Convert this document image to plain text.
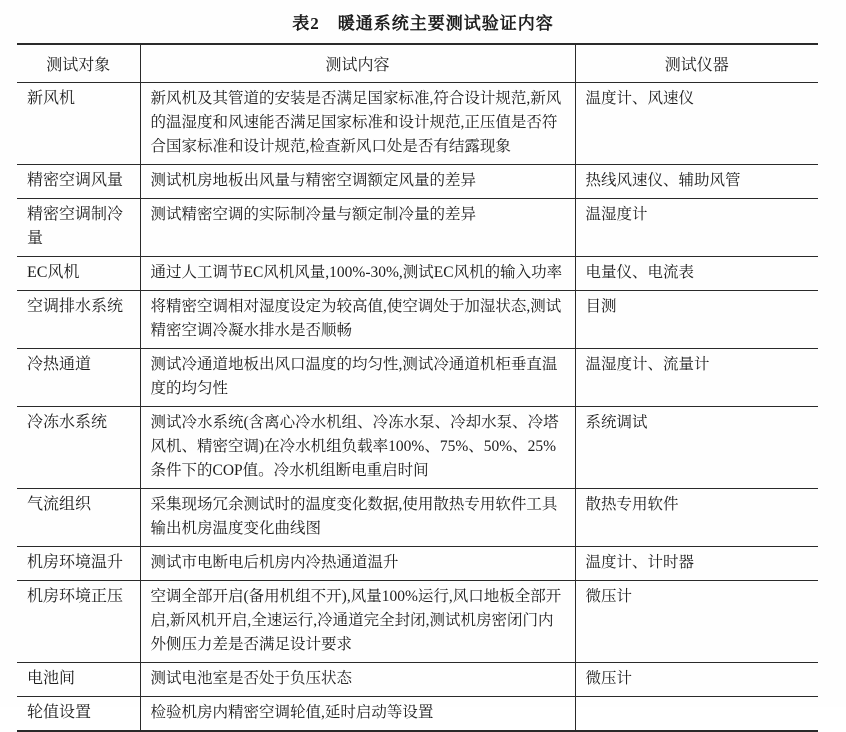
表2　暖通系统主要测试验证内容
测试对象	测试内容	测试仪器
新风机	新风机及其管道的安装是否满足国家标准,符合设计规范,新风的温湿度和风速能否满足国家标准和设计规范,正压值是否符合国家标准和设计规范,检查新风口处是否有结露现象	温度计、风速仪
精密空调风量	测试机房地板出风量与精密空调额定风量的差异	热线风速仪、辅助风管
精密空调制冷量	测试精密空调的实际制冷量与额定制冷量的差异	温湿度计
EC风机	通过人工调节EC风机风量,100%-30%,测试EC风机的输入功率	电量仪、电流表
空调排水系统	将精密空调相对湿度设定为较高值,使空调处于加湿状态,测试精密空调冷凝水排水是否顺畅	目测
冷热通道	测试冷通道地板出风口温度的均匀性,测试冷通道机柜垂直温度的均匀性	温湿度计、流量计
冷冻水系统	测试冷水系统(含离心冷水机组、冷冻水泵、冷却水泵、冷塔风机、精密空调)在冷水机组负载率100%、75%、50%、25%条件下的COP值。冷水机组断电重启时间	系统调试
气流组织	采集现场冗余测试时的温度变化数据,使用散热专用软件工具输出机房温度变化曲线图	散热专用软件
机房环境温升	测试市电断电后机房内冷热通道温升	温度计、计时器
机房环境正压	空调全部开启(备用机组不开),风量100%运行,风口地板全部开启,新风机开启,全速运行,冷通道完全封闭,测试机房密闭门内外侧压力差是否满足设计要求	微压计
电池间	测试电池室是否处于负压状态	微压计
轮值设置	检验机房内精密空调轮值,延时启动等设置	
